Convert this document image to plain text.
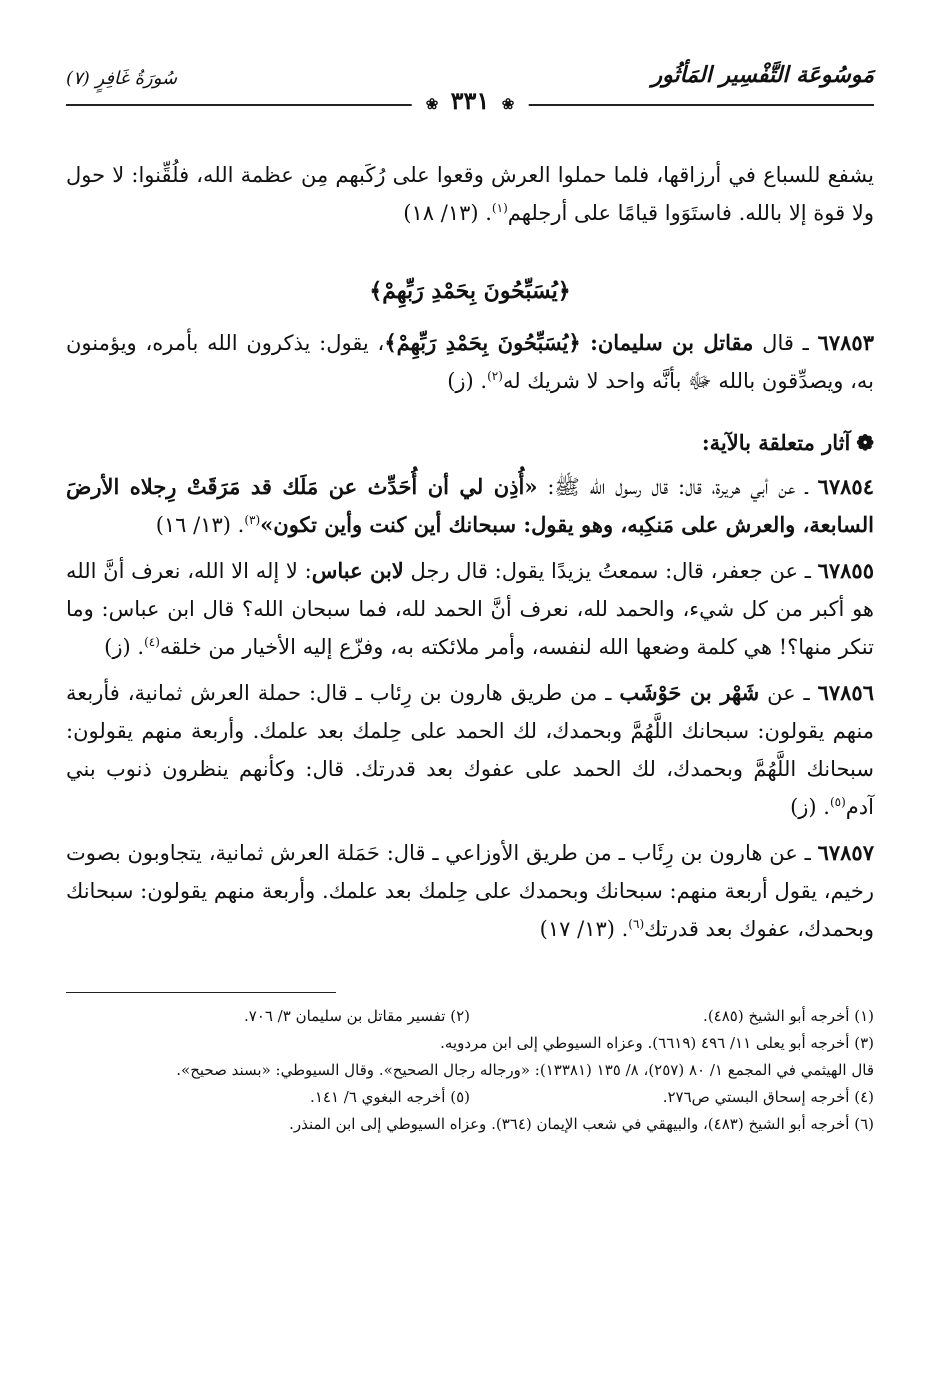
مَوسُوعَة التَّفْسِير المَأثُور
سُورَةُ غَافِرٍ (٧)
❀ ٣٣١ ❀

يشفع للسباع في أرزاقها، فلما حملوا العرش وقعوا على رُكَبهم مِن عظمة الله، فلُقِّنوا: لا حول ولا قوة إلا بالله. فاستَوَوا قيامًا على أرجلهم$^{(١)}$. (١٣/ ١٨)

﴿يُسَبِّحُونَ بِحَمْدِ رَبِّهِمْ﴾

٦٧٨٥٣ ـ قال مقاتل بن سليمان: ﴿يُسَبِّحُونَ بِحَمْدِ رَبِّهِمْ﴾، يقول: يذكرون الله بأمره، ويؤمنون به، ويصدِّقون بالله ﷻ بأنَّه واحد لا شريك له$^{(٢)}$. (ز)

❁آثار متعلقة بالآية:

٦٧٨٥٤ ـ عن أبي هريرة، قال: قال رسول الله ﷺ: «أُذِن لي أن أُحَدِّث عن مَلَك قد مَرَقَتْ رِجلاه الأرضَ السابعة، والعرش على مَنكِبه، وهو يقول: سبحانك أين كنت وأين تكون»$^{(٣)}$. (١٣/ ١٦)

٦٧٨٥٥ ـ عن جعفر، قال: سمعتُ يزيدًا يقول: قال رجل لابن عباس: لا إله الا الله، نعرف أنَّ الله هو أكبر من كل شيء، والحمد لله، نعرف أنَّ الحمد لله، فما سبحان الله؟ قال ابن عباس: وما تنكر منها؟! هي كلمة وضعها الله لنفسه، وأمر ملائكته به، وفزّع إليه الأخيار من خلقه$^{(٤)}$. (ز)

٦٧٨٥٦ ـ عن شَهْر بن حَوْشَب ـ من طريق هارون بن رِئاب ـ قال: حملة العرش ثمانية، فأربعة منهم يقولون: سبحانك اللَّهُمَّ وبحمدك، لك الحمد على حِلمك بعد علمك. وأربعة منهم يقولون: سبحانك اللَّهُمَّ وبحمدك، لك الحمد على عفوك بعد قدرتك. قال: وكأنهم ينظرون ذنوب بني آدم$^{(٥)}$. (ز)

٦٧٨٥٧ ـ عن هارون بن رِئَاب ـ من طريق الأوزاعي ـ قال: حَمَلة العرش ثمانية، يتجاوبون بصوت رخيم، يقول أربعة منهم: سبحانك وبحمدك على حِلمك بعد علمك. وأربعة منهم يقولون: سبحانك وبحمدك، عفوك بعد قدرتك$^{(٦)}$. (١٣/ ١٧)

(١) أخرجه أبو الشيخ (٤٨٥).
(٢) تفسير مقاتل بن سليمان ٣/ ٧٠٦.
(٣) أخرجه أبو يعلى ١١/ ٤٩٦ (٦٦١٩). وعزاه السيوطي إلى ابن مردويه.
قال الهيثمي في المجمع ١/ ٨٠ (٢٥٧)، ٨/ ١٣٥ (١٣٣٨١): «ورجاله رجال الصحيح». وقال السيوطي: «بسند صحيح».
(٤) أخرجه إسحاق البستي ص٢٧٦.
(٥) أخرجه البغوي ٦/ ١٤١.
(٦) أخرجه أبو الشيخ (٤٨٣)، والبيهقي في شعب الإيمان (٣٦٤). وعزاه السيوطي إلى ابن المنذر.
